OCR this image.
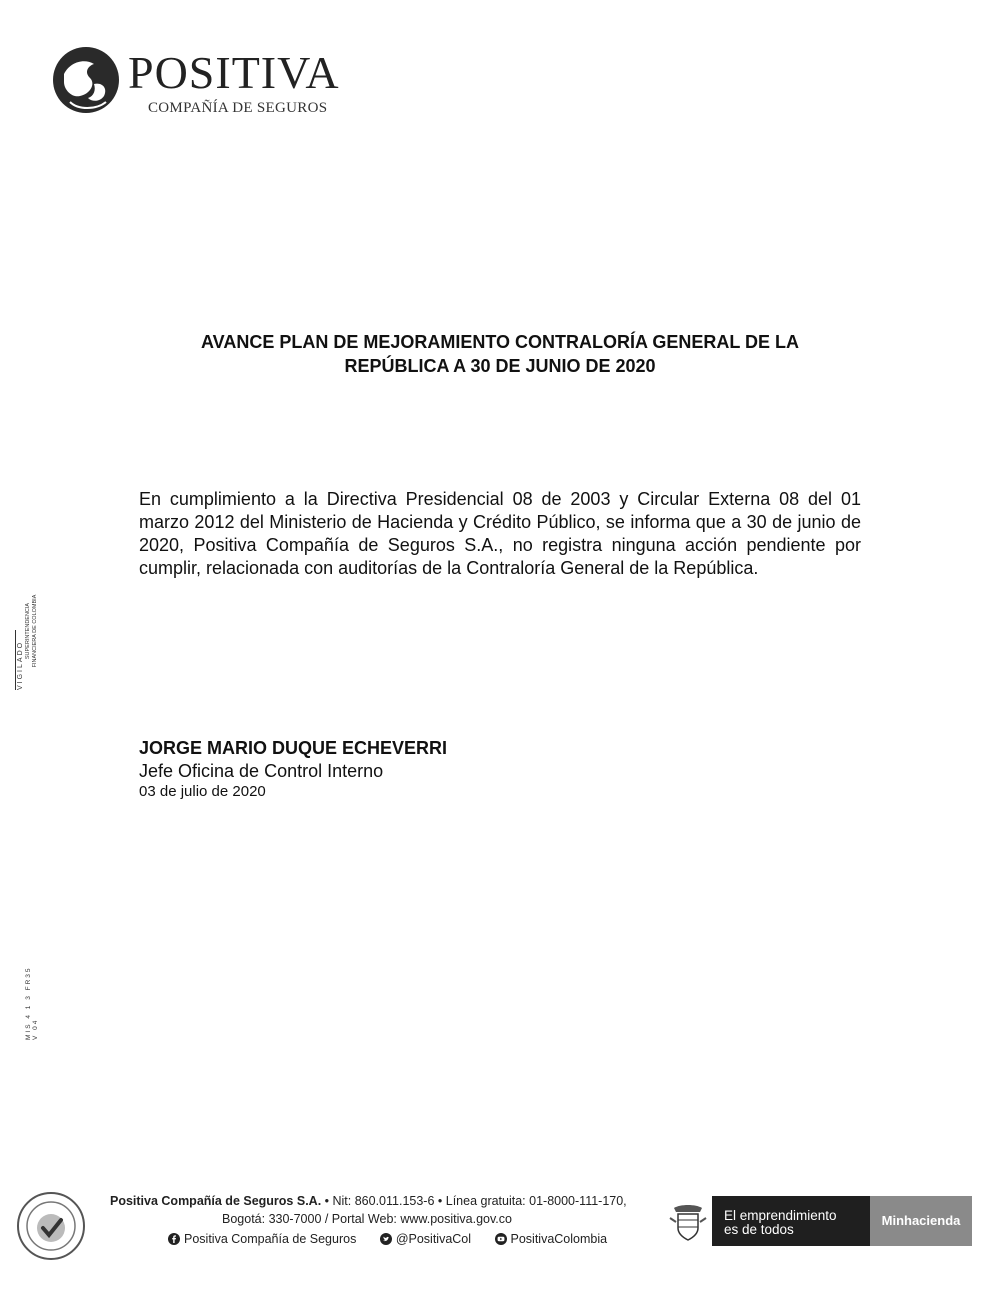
POSITIVA
COMPAÑÍA DE SEGUROS
AVANCE PLAN DE MEJORAMIENTO CONTRALORÍA GENERAL DE LA
REPÚBLICA A 30 DE JUNIO DE 2020
En cumplimiento a la Directiva Presidencial 08 de 2003 y Circular Externa 08 del 01 marzo 2012 del Ministerio de Hacienda y Crédito Público, se informa que a 30 de junio de 2020, Positiva Compañía de Seguros S.A., no registra ninguna acción pendiente por cumplir, relacionada con auditorías de la Contraloría General de la República.
JORGE MARIO DUQUE ECHEVERRI
Jefe Oficina de Control Interno
03 de julio de 2020
VIGILADO
SUPERINTENDENCIA FINANCIERA DE COLOMBIA
MIS 4 1 3 FR35 V 04
Positiva Compañía de Seguros S.A. • Nit: 860.011.153-6 • Línea gratuita: 01-8000-111-170,
Bogotá: 330-7000 / Portal Web: www.positiva.gov.co
Positiva Compañía de Seguros
	@PositivaCol
	PositivaColombia
El emprendimiento
es de todos
Minhacienda
